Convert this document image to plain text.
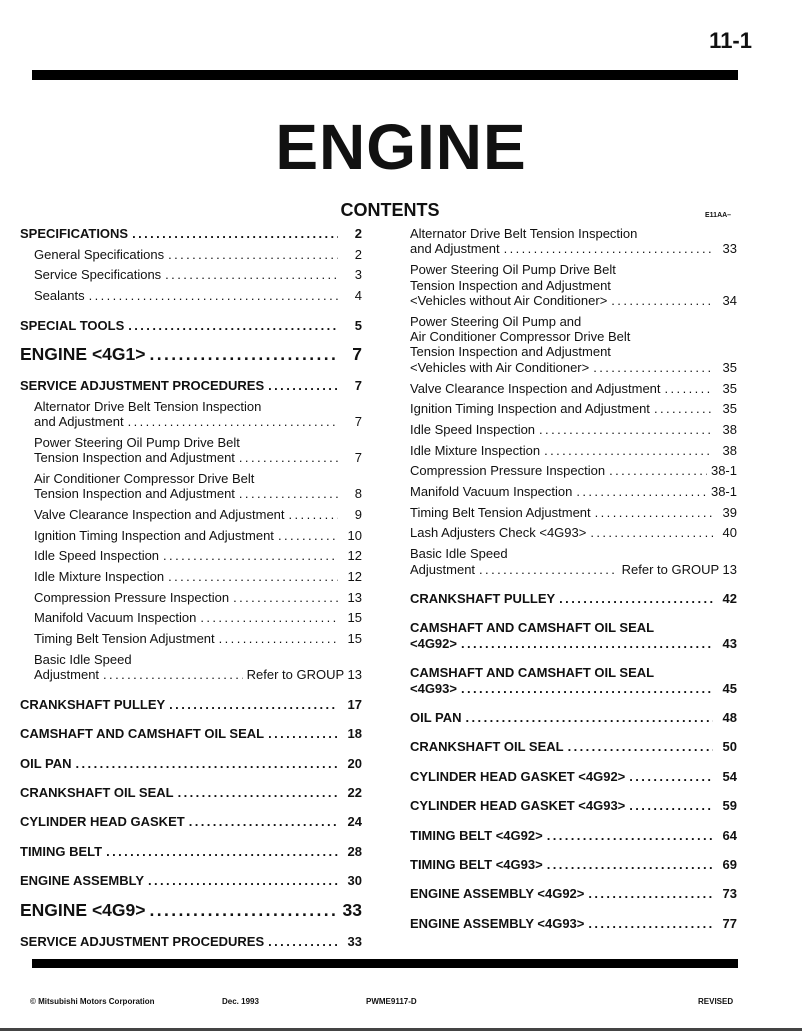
11-1
ENGINE
CONTENTS	E11AA–
SPECIFICATIONS .....	2
General Specifications .....	2
Service Specifications .....	3
Sealants .....	4
SPECIAL TOOLS .....	5
ENGINE <4G1> .....	7
SERVICE ADJUSTMENT PROCEDURES .....	7
Alternator Drive Belt Tension Inspection
and Adjustment .....	7
Power Steering Oil Pump Drive Belt
Tension Inspection and Adjustment .....	7
Air Conditioner Compressor Drive Belt
Tension Inspection and Adjustment .....	8
Valve Clearance Inspection and Adjustment .....	9
Ignition Timing Inspection and Adjustment .....	10
Idle Speed Inspection .....	12
Idle Mixture Inspection .....	12
Compression Pressure Inspection .....	13
Manifold Vacuum Inspection .....	15
Timing Belt Tension Adjustment .....	15
Basic Idle Speed
Adjustment .....	Refer to GROUP 13
CRANKSHAFT PULLEY .....	17
CAMSHAFT AND CAMSHAFT OIL SEAL .....	18
OIL PAN .....	20
CRANKSHAFT OIL SEAL .....	22
CYLINDER HEAD GASKET .....	24
TIMING BELT .....	28
ENGINE ASSEMBLY .....	30
ENGINE <4G9> .....	33
SERVICE ADJUSTMENT PROCEDURES .....	33
Alternator Drive Belt Tension Inspection
and Adjustment .....	33
Power Steering Oil Pump Drive Belt
Tension Inspection and Adjustment
<Vehicles without Air Conditioner> .....	34
Power Steering Oil Pump and
Air Conditioner Compressor Drive Belt
Tension Inspection and Adjustment
<Vehicles with Air Conditioner> .....	35
Valve Clearance Inspection and Adjustment .....	35
Ignition Timing Inspection and Adjustment .....	35
Idle Speed Inspection .....	38
Idle Mixture Inspection .....	38
Compression Pressure Inspection .....	38-1
Manifold Vacuum Inspection .....	38-1
Timing Belt Tension Adjustment .....	39
Lash Adjusters Check <4G93> .....	40
Basic Idle Speed
Adjustment .....	Refer to GROUP 13
CRANKSHAFT PULLEY .....	42
CAMSHAFT AND CAMSHAFT OIL SEAL
<4G92> .....	43
CAMSHAFT AND CAMSHAFT OIL SEAL
<4G93> .....	45
OIL PAN .....	48
CRANKSHAFT OIL SEAL .....	50
CYLINDER HEAD GASKET <4G92> .....	54
CYLINDER HEAD GASKET <4G93> .....	59
TIMING BELT <4G92> .....	64
TIMING BELT <4G93> .....	69
ENGINE ASSEMBLY <4G92> .....	73
ENGINE ASSEMBLY <4G93> .....	77
© Mitsubishi Motors Corporation	Dec. 1993	PWME9117-D	REVISED
